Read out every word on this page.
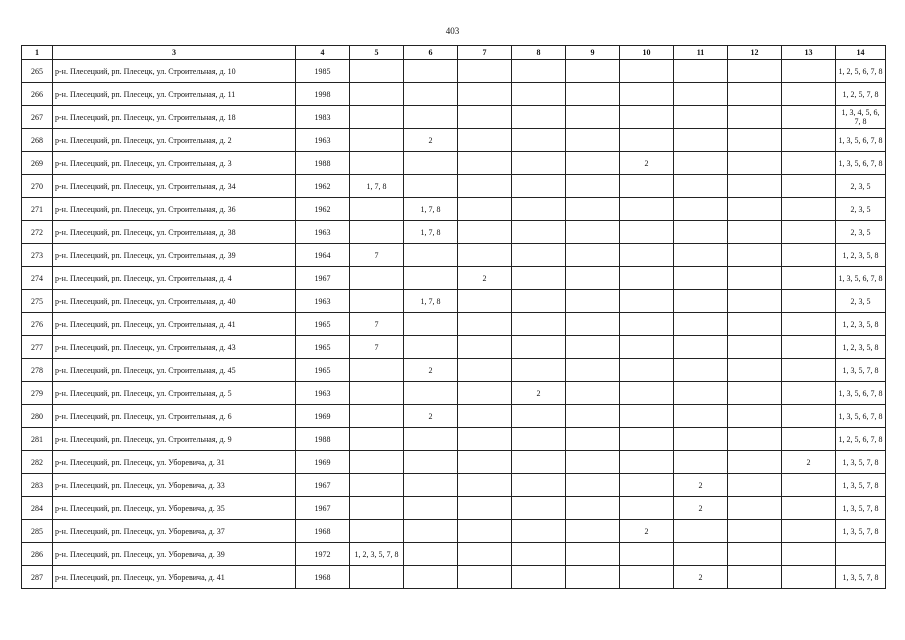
403
1	3	4	5	6	7	8	9	10	11	12	13	14
265	р-н. Плесецкий, рп. Плесецк, ул. Строительная, д. 10	1985										1, 2, 5, 6, 7, 8
266	р-н. Плесецкий, рп. Плесецк, ул. Строительная, д. 11	1998										1, 2, 5, 7, 8
267	р-н. Плесецкий, рп. Плесецк, ул. Строительная, д. 18	1983										1, 3, 4, 5, 6, 7, 8
268	р-н. Плесецкий, рп. Плесецк, ул. Строительная, д. 2	1963		2								1, 3, 5, 6, 7, 8
269	р-н. Плесецкий, рп. Плесецк, ул. Строительная, д. 3	1988						2				1, 3, 5, 6, 7, 8
270	р-н. Плесецкий, рп. Плесецк, ул. Строительная, д. 34	1962	1, 7, 8									2, 3, 5
271	р-н. Плесецкий, рп. Плесецк, ул. Строительная, д. 36	1962		1, 7, 8								2, 3, 5
272	р-н. Плесецкий, рп. Плесецк, ул. Строительная, д. 38	1963		1, 7, 8								2, 3, 5
273	р-н. Плесецкий, рп. Плесецк, ул. Строительная, д. 39	1964	7									1, 2, 3, 5, 8
274	р-н. Плесецкий, рп. Плесецк, ул. Строительная, д. 4	1967			2							1, 3, 5, 6, 7, 8
275	р-н. Плесецкий, рп. Плесецк, ул. Строительная, д. 40	1963		1, 7, 8								2, 3, 5
276	р-н. Плесецкий, рп. Плесецк, ул. Строительная, д. 41	1965	7									1, 2, 3, 5, 8
277	р-н. Плесецкий, рп. Плесецк, ул. Строительная, д. 43	1965	7									1, 2, 3, 5, 8
278	р-н. Плесецкий, рп. Плесецк, ул. Строительная, д. 45	1965		2								1, 3, 5, 7, 8
279	р-н. Плесецкий, рп. Плесецк, ул. Строительная, д. 5	1963				2						1, 3, 5, 6, 7, 8
280	р-н. Плесецкий, рп. Плесецк, ул. Строительная, д. 6	1969		2								1, 3, 5, 6, 7, 8
281	р-н. Плесецкий, рп. Плесецк, ул. Строительная, д. 9	1988										1, 2, 5, 6, 7, 8
282	р-н. Плесецкий, рп. Плесецк, ул. Уборевича, д. 31	1969									2	1, 3, 5, 7, 8
283	р-н. Плесецкий, рп. Плесецк, ул. Уборевича, д. 33	1967							2			1, 3, 5, 7, 8
284	р-н. Плесецкий, рп. Плесецк, ул. Уборевича, д. 35	1967							2			1, 3, 5, 7, 8
285	р-н. Плесецкий, рп. Плесецк, ул. Уборевича, д. 37	1968						2				1, 3, 5, 7, 8
286	р-н. Плесецкий, рп. Плесецк, ул. Уборевича, д. 39	1972	1, 2, 3, 5, 7, 8									
287	р-н. Плесецкий, рп. Плесецк, ул. Уборевича, д. 41	1968							2			1, 3, 5, 7, 8
